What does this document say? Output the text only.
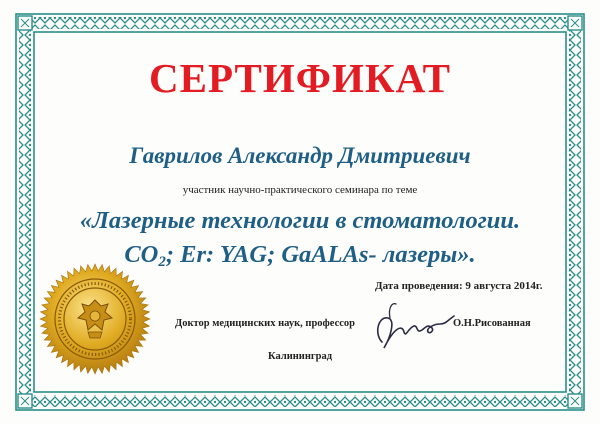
СЕРТИФИКАТ
Гаврилов Александр Дмитриевич
участник научно-практического семинара по теме
«Лазерные технологии в стоматологии.
$CO_2$; Er: YAG; GaALAs- лазеры».
Дата проведения: 9 августа 2014г.
Доктор медицинских наук, профессор	О.Н.Рисованная
Калининград
